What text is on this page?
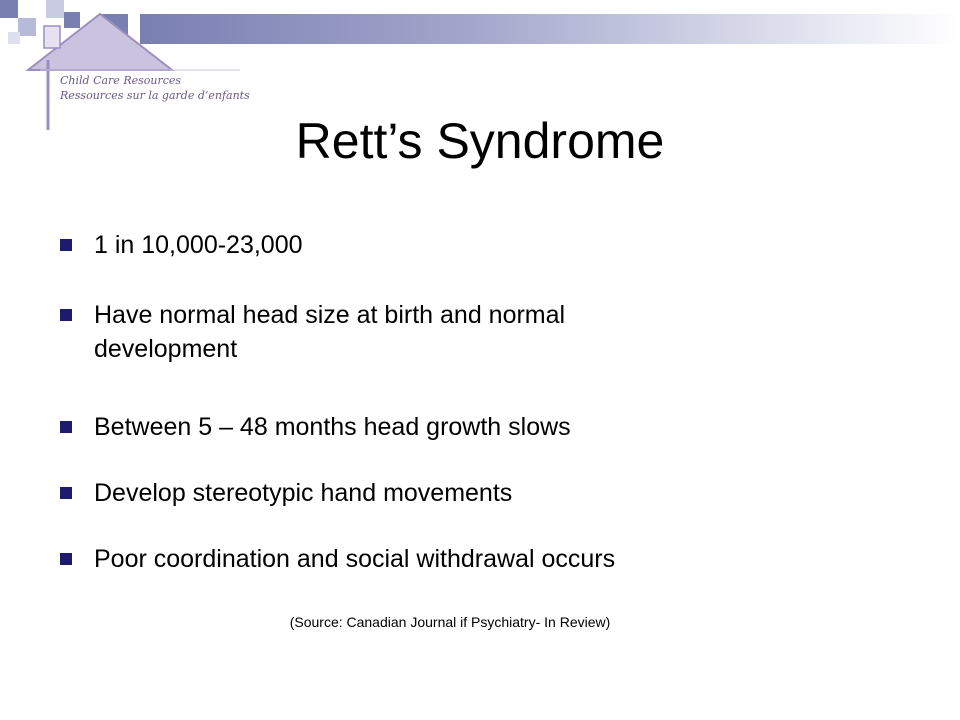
Child Care Resources
Ressources sur la garde d’enfants
Rett’s Syndrome
1 in 10,000-23,000
Have normal head size at birth and normal development
Between 5 – 48 months head growth slows
Develop stereotypic hand movements
Poor coordination and social withdrawal occurs
(Source: Canadian Journal if Psychiatry- In Review)
